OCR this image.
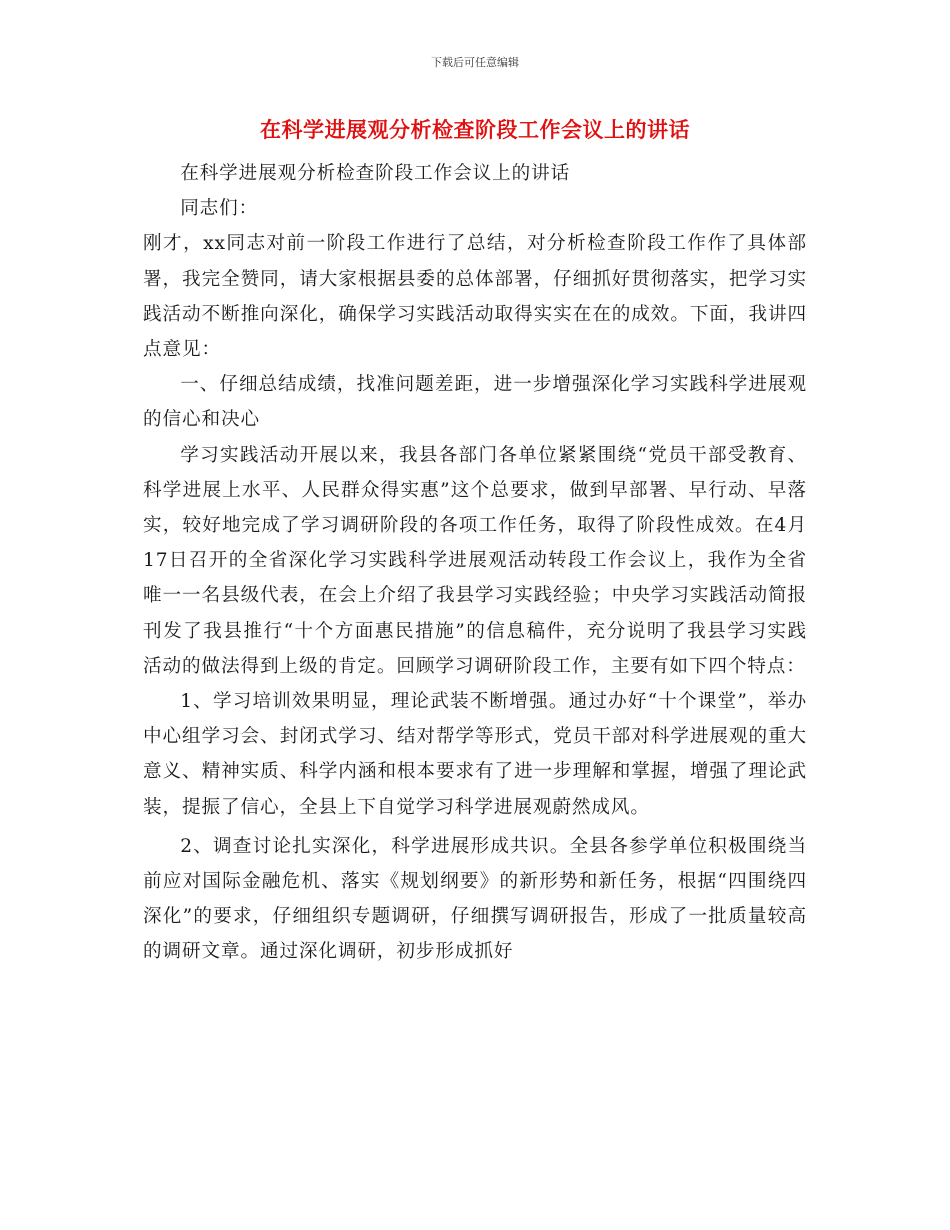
下载后可任意编辑
在科学进展观分析检查阶段工作会议上的讲话

在科学进展观分析检查阶段工作会议上的讲话

同志们：

刚才，xx同志对前一阶段工作进行了总结，对分析检查阶段工作作了具体部署，我完全赞同，请大家根据县委的总体部署，仔细抓好贯彻落实，把学习实践活动不断推向深化，确保学习实践活动取得实实在在的成效。下面，我讲四点意见：

一、仔细总结成绩，找准问题差距，进一步增强深化学习实践科学进展观的信心和决心

学习实践活动开展以来，我县各部门各单位紧紧围绕“党员干部受教育、科学进展上水平、人民群众得实惠”这个总要求，做到早部署、早行动、早落实，较好地完成了学习调研阶段的各项工作任务，取得了阶段性成效。在4月17日召开的全省深化学习实践科学进展观活动转段工作会议上，我作为全省唯一一名县级代表，在会上介绍了我县学习实践经验；中央学习实践活动简报刊发了我县推行“十个方面惠民措施”的信息稿件，充分说明了我县学习实践活动的做法得到上级的肯定。回顾学习调研阶段工作，主要有如下四个特点：

1、学习培训效果明显，理论武装不断增强。通过办好“十个课堂”，举办中心组学习会、封闭式学习、结对帮学等形式，党员干部对科学进展观的重大意义、精神实质、科学内涵和根本要求有了进一步理解和掌握，增强了理论武装，提振了信心，全县上下自觉学习科学进展观蔚然成风。

2、调查讨论扎实深化，科学进展形成共识。全县各参学单位积极围绕当前应对国际金融危机、落实《规划纲要》的新形势和新任务，根据“四围绕四深化”的要求，仔细组织专题调研，仔细撰写调研报告，形成了一批质量较高的调研文章。通过深化调研，初步形成抓好
